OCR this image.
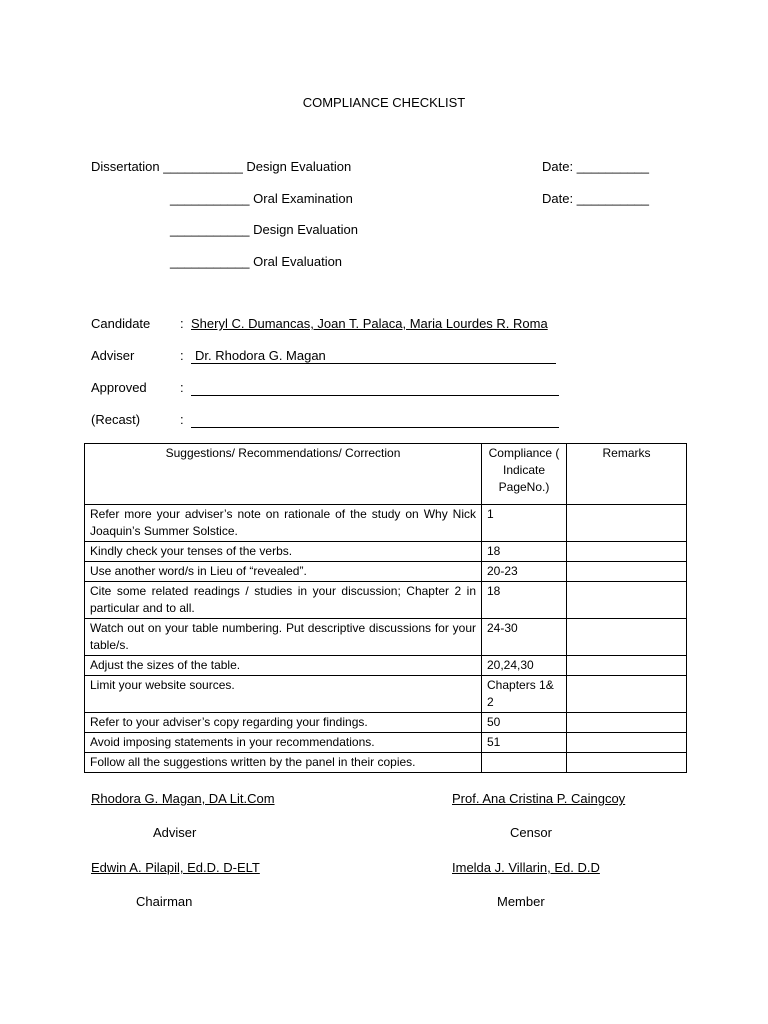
COMPLIANCE CHECKLIST
Dissertation ___________ Design Evaluation	Date: __________
___________ Oral Examination	Date: __________
___________ Design Evaluation
___________ Oral Evaluation
Candidate : Sheryl C. Dumancas, Joan T. Palaca, Maria Lourdes R. Roma
Adviser	: Dr. Rhodora G. Magan
Approved	:
(Recast)	:
Suggestions/ Recommendations/ Correction	Compliance ( Indicate PageNo.)	Remarks
Refer more your adviser’s note on rationale of the study on Why Nick Joaquin’s Summer Solstice.	1	
Kindly check your tenses of the verbs.	18	
Use another word/s in Lieu of “revealed”.	20-23	
Cite some related readings / studies in your discussion; Chapter 2 in particular and to all.	18	
Watch out on your table numbering. Put descriptive discussions for your table/s.	24-30	
Adjust the sizes of the table.	20,24,30	
Limit your website sources.	Chapters 1& 2	
Refer to your adviser’s copy regarding your findings.	50	
Avoid imposing statements in your recommendations.	51	
Follow all the suggestions written by the panel in their copies.		
Rhodora G. Magan, DA Lit.Com	Prof. Ana Cristina P. Caingcoy
Adviser	Censor
Edwin A. Pilapil, Ed.D. D-ELT	Imelda J. Villarin, Ed. D.D
Chairman	Member
